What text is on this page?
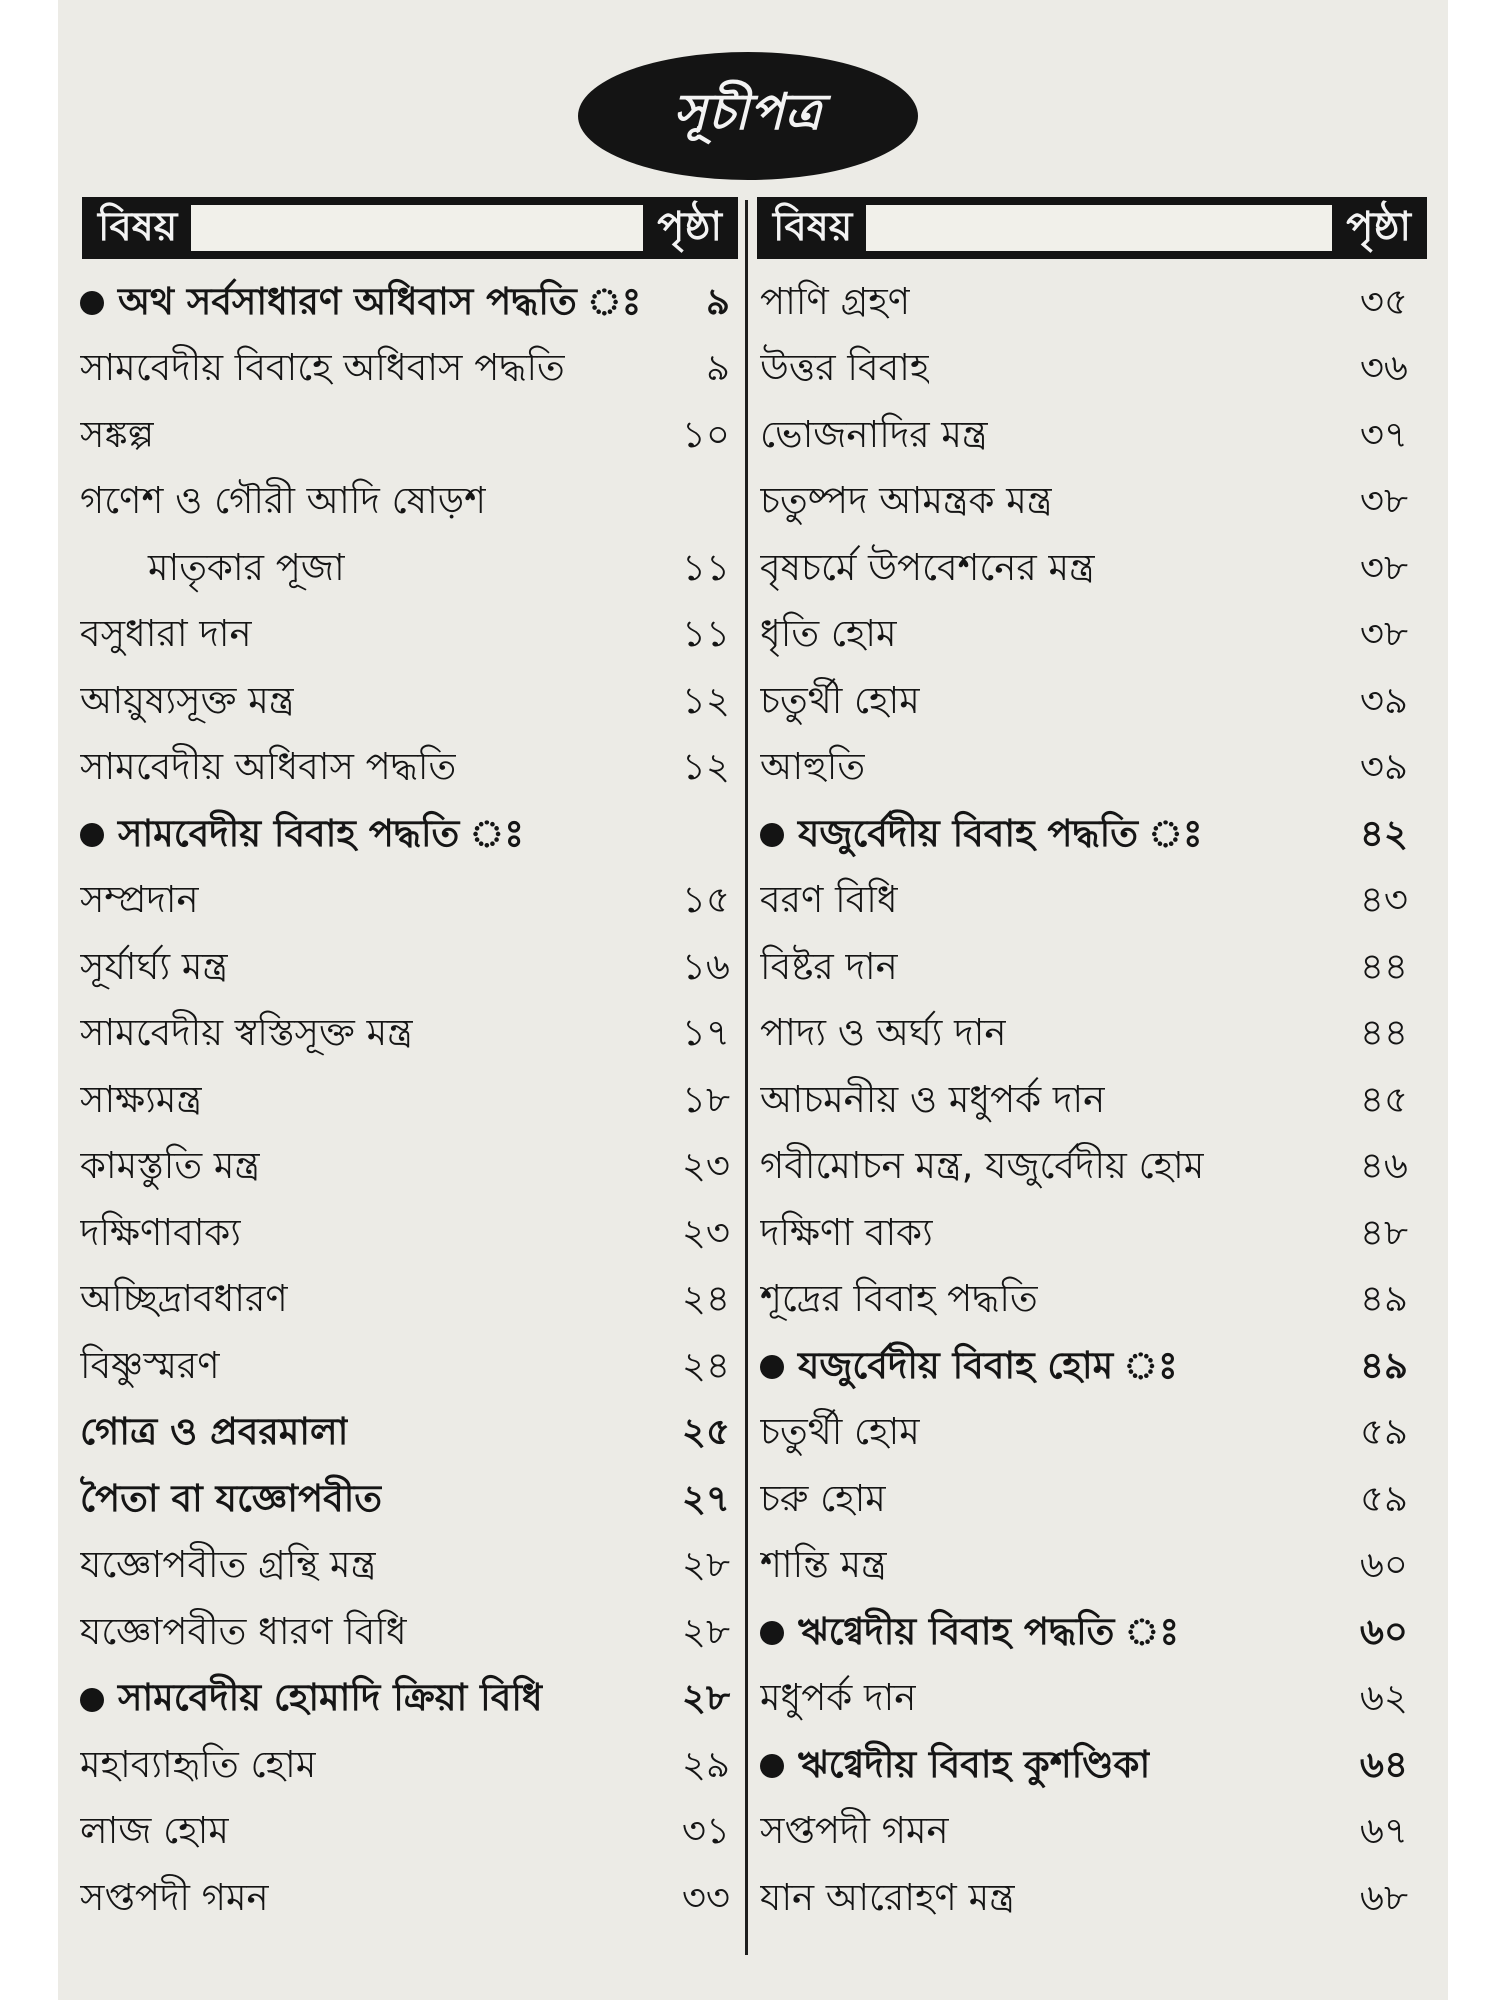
সূচীপত্র
বিষয়	পৃষ্ঠা বিষয়	পৃষ্ঠা
অথ সর্বসাধারণ অধিবাস পদ্ধতি ঃ ৯
সামবেদীয় বিবাহে অধিবাস পদ্ধতি	৯
সঙ্কল্প	১০
গণেশ ও গৌরী আদি ষোড়শ
মাতৃকার পূজা	১১
বসুধারা দান	১১
আয়ুষ্যসূক্ত মন্ত্র	১২
সামবেদীয় অধিবাস পদ্ধতি	১২
সামবেদীয় বিবাহ পদ্ধতি ঃ
সম্প্রদান	১৫
সূর্যার্ঘ্য মন্ত্র	১৬
সামবেদীয় স্বস্তিসূক্ত মন্ত্র	১৭
সাক্ষ্যমন্ত্র	১৮
কামস্তুতি মন্ত্র	২৩
দক্ষিণাবাক্য	২৩
অচ্ছিদ্রাবধারণ	২৪
বিষ্ণুস্মরণ	২৪
গোত্র ও প্রবরমালা	২৫
পৈতা বা যজ্ঞোপবীত	২৭
যজ্ঞোপবীত গ্রন্থি মন্ত্র	২৮
যজ্ঞোপবীত ধারণ বিধি	২৮
সামবেদীয় হোমাদি ক্রিয়া বিধি	২৮
মহাব্যাহৃতি হোম	২৯
লাজ হোম	৩১
সপ্তপদী গমন	৩৩
পাণি গ্রহণ	৩৫
উত্তর বিবাহ	৩৬
ভোজনাদির মন্ত্র	৩৭
চতুষ্পদ আমন্ত্রক মন্ত্র	৩৮
বৃষচর্মে উপবেশনের মন্ত্র	৩৮
ধৃতি হোম	৩৮
চতুর্থী হোম	৩৯
আহুতি	৩৯
যজুর্বেদীয় বিবাহ পদ্ধতি ঃ	৪২
বরণ বিধি	৪৩
বিষ্টর দান	৪৪
পাদ্য ও অর্ঘ্য দান	৪৪
আচমনীয় ও মধুপর্ক দান	৪৫
গবীমোচন মন্ত্র, যজুর্বেদীয় হোম	৪৬
দক্ষিণা বাক্য	৪৮
শূদ্রের বিবাহ পদ্ধতি	৪৯
যজুর্বেদীয় বিবাহ হোম ঃ	৪৯
চতুর্থী হোম	৫৯
চরু হোম	৫৯
শান্তি মন্ত্র	৬০
ঋগ্বেদীয় বিবাহ পদ্ধতি ঃ	৬০
মধুপর্ক দান	৬২
ঋগ্বেদীয় বিবাহ কুশণ্ডিকা	৬৪
সপ্তপদী গমন	৬৭
যান আরোহণ মন্ত্র	৬৮
